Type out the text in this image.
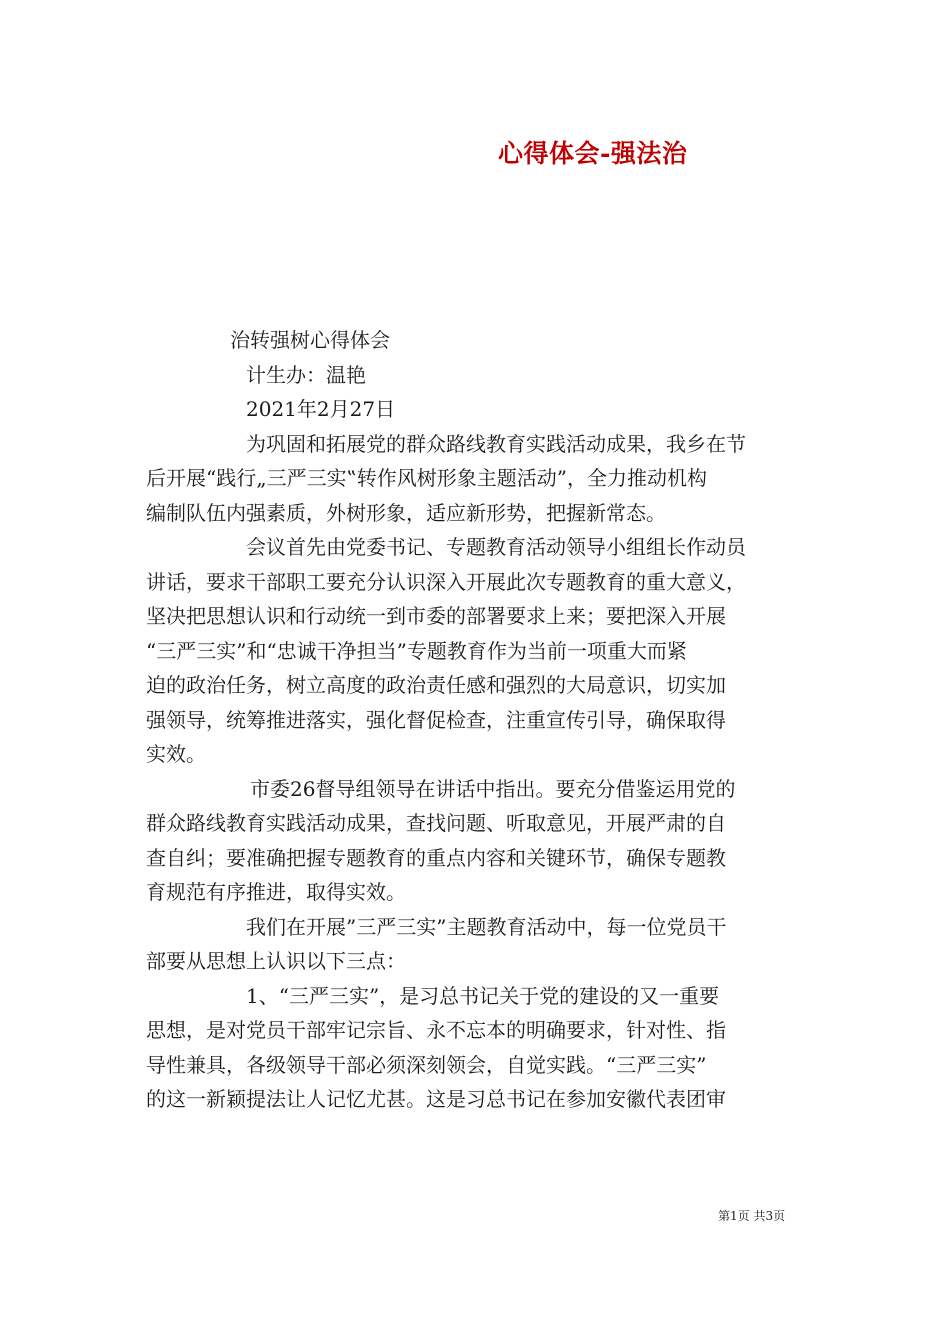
心得体会-强法治

治转强树心得体会

计生办：温艳

2021年2月27日

为巩固和拓展党的群众路线教育实践活动成果，我乡在节

后开展“践行„三严三实‟转作风树形象主题活动”，全力推动机构

编制队伍内强素质，外树形象，适应新形势，把握新常态。

会议首先由党委书记、专题教育活动领导小组组长作动员

讲话，要求干部职工要充分认识深入开展此次专题教育的重大意义，

坚决把思想认识和行动统一到市委的部署要求上来；要把深入开展

“三严三实”和“忠诚干净担当”专题教育作为当前一项重大而紧

迫的政治任务，树立高度的政治责任感和强烈的大局意识，切实加

强领导，统筹推进落实，强化督促检查，注重宣传引导，确保取得

实效。

市委26督导组领导在讲话中指出。要充分借鉴运用党的

群众路线教育实践活动成果，查找问题、听取意见，开展严肃的自

查自纠；要准确把握专题教育的重点内容和关键环节，确保专题教

育规范有序推进，取得实效。

我们在开展”三严三实”主题教育活动中，每一位党员干

部要从思想上认识以下三点：

1、“三严三实”，是习总书记关于党的建设的又一重要

思想，是对党员干部牢记宗旨、永不忘本的明确要求，针对性、指

导性兼具，各级领导干部必须深刻领会，自觉实践。“三严三实”

的这一新颖提法让人记忆尤甚。这是习总书记在参加安徽代表团审

第1页 共3页
